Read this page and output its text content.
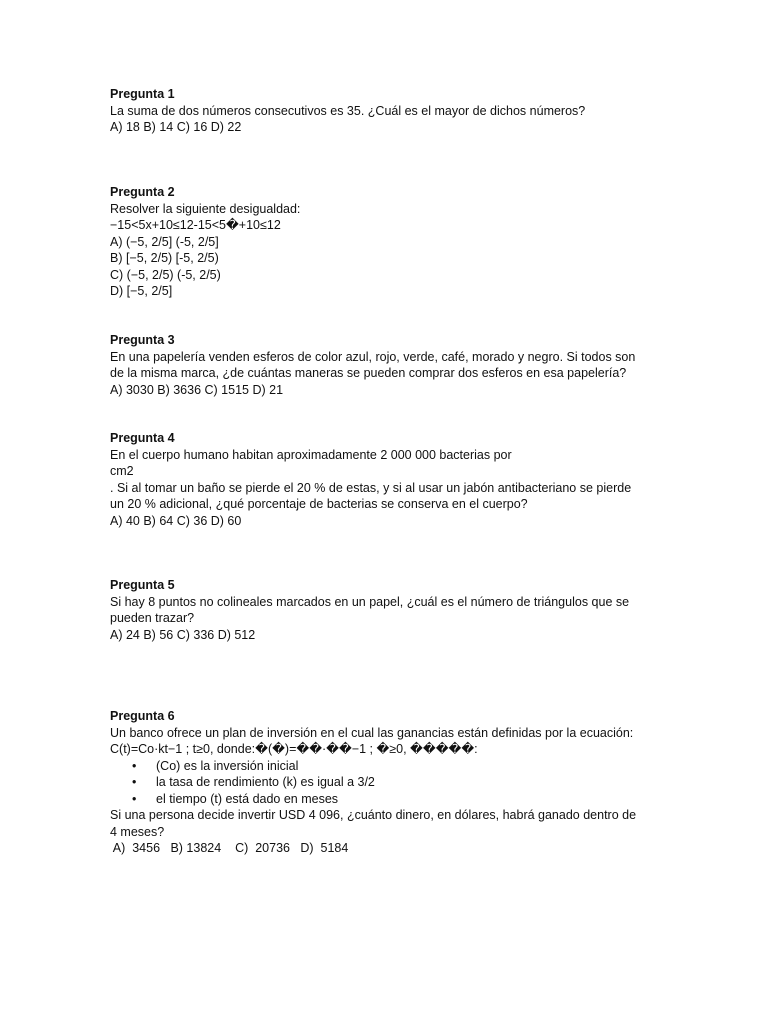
Pregunta 1
La suma de dos números consecutivos es 35. ¿Cuál es el mayor de dichos números?
A) 18 B) 14 C) 16 D) 22
Pregunta 2
Resolver la siguiente desigualdad:
−15<5x+10≤12-15<5�+10≤12
A) (−5, 2/5] (-5, 2/5]
B) [−5, 2/5) [-5, 2/5)
C) (−5, 2/5) (-5, 2/5)
D) [−5, 2/5]
Pregunta 3
En una papelería venden esferos de color azul, rojo, verde, café, morado y negro. Si todos son
de la misma marca, ¿de cuántas maneras se pueden comprar dos esferos en esa papelería?
A) 3030 B) 3636 C) 1515 D) 21
Pregunta 4
En el cuerpo humano habitan aproximadamente 2 000 000 bacterias por
cm2
. Si al tomar un baño se pierde el 20 % de estas, y si al usar un jabón antibacteriano se pierde
un 20 % adicional, ¿qué porcentaje de bacterias se conserva en el cuerpo?
A) 40 B) 64 C) 36 D) 60
Pregunta 5
Si hay 8 puntos no colineales marcados en un papel, ¿cuál es el número de triángulos que se
pueden trazar?
A) 24 B) 56 C) 336 D) 512
Pregunta 6
Un banco ofrece un plan de inversión en el cual las ganancias están definidas por la ecuación:
C(t)=Co·kt−1 ; t≥0, donde:�(�)=��·��−1 ; �≥0, �����:
• (Co) es la inversión inicial
• la tasa de rendimiento (k) es igual a 3/2
• el tiempo (t) está dado en meses
Si una persona decide invertir USD 4 096, ¿cuánto dinero, en dólares, habrá ganado dentro de
4 meses?
A)  3456   B) 13824    C)  20736   D)  5184
